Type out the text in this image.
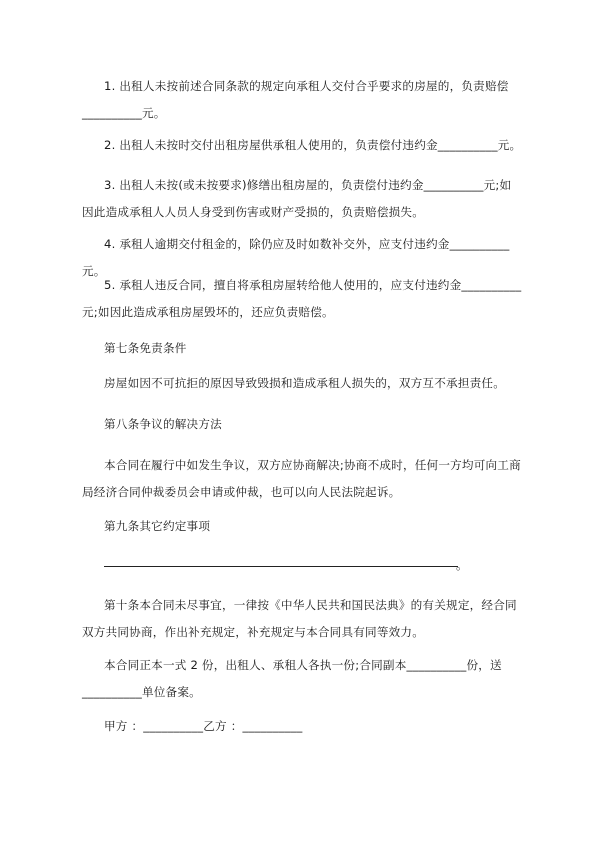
1. 出租人未按前述合同条款的规定向承租人交付合乎要求的房屋的，负责赔偿__________元。

2. 出租人未按时交付出租房屋供承租人使用的，负责偿付违约金__________元。

3. 出租人未按(或未按要求)修缮出租房屋的，负责偿付违约金__________元;如因此造成承租人人员人身受到伤害或财产受损的，负责赔偿损失。

4. 承租人逾期交付租金的，除仍应及时如数补交外，应支付违约金__________元。

5. 承租人违反合同，擅自将承租房屋转给他人使用的，应支付违约金__________元;如因此造成承租房屋毁坏的，还应负责赔偿。

第七条免责条件

房屋如因不可抗拒的原因导致毁损和造成承租人损失的，双方互不承担责任。

第八条争议的解决方法

本合同在履行中如发生争议，双方应协商解决;协商不成时，任何一方均可向工商局经济合同仲裁委员会申请或仲裁，也可以向人民法院起诉。

第九条其它约定事项

。

第十条本合同未尽事宜，一律按《中华人民共和国民法典》的有关规定，经合同双方共同协商，作出补充规定，补充规定与本合同具有同等效力。

本合同正本一式 2 份，出租人、承租人各执一份;合同副本__________份，送__________单位备案。

甲方 ：__________乙方 ：__________
